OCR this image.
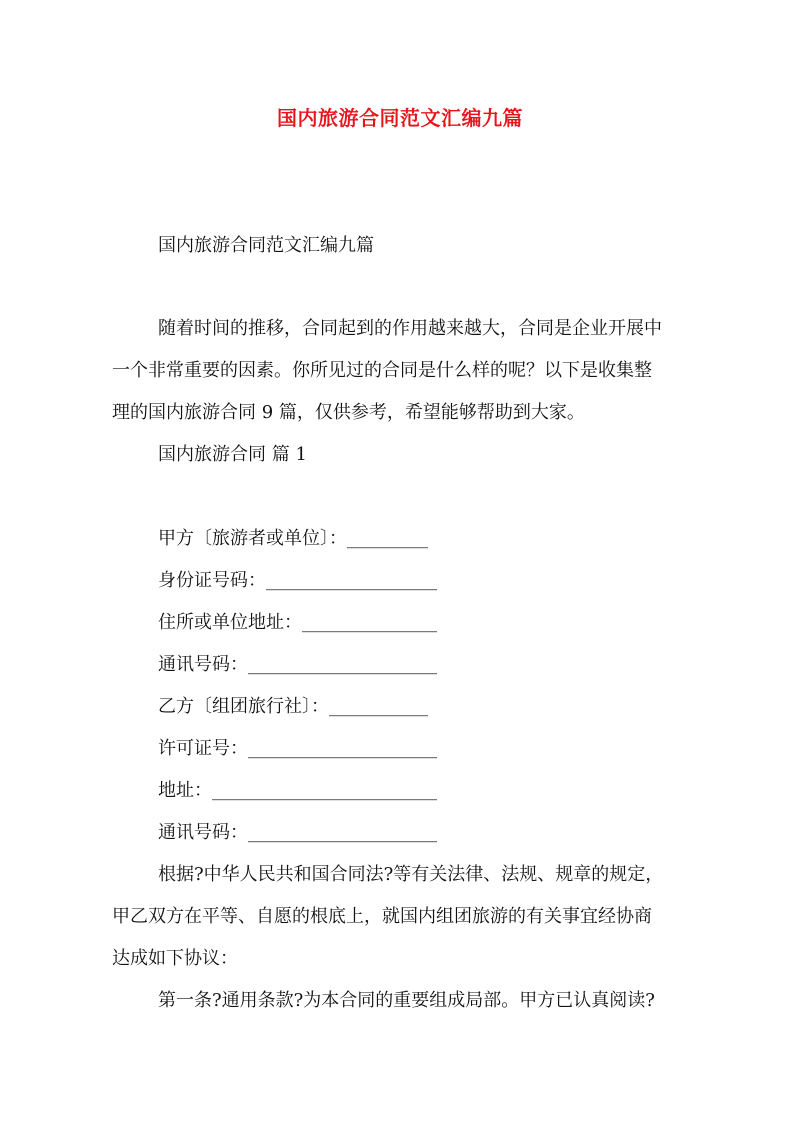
国内旅游合同范文汇编九篇
国内旅游合同范文汇编九篇
随着时间的推移，合同起到的作用越来越大，合同是企业开展中
一个非常重要的因素。你所见过的合同是什么样的呢？以下是收集整
理的国内旅游合同 9 篇，仅供参考，希望能够帮助到大家。
国内旅游合同 篇 1
甲方〔旅游者或单位〕：_________
身份证号码：___________________
住所或单位地址：_______________
通讯号码：_____________________
乙方〔组团旅行社〕：___________
许可证号：_____________________
地址：_________________________
通讯号码：_____________________
根据?中华人民共和国合同法?等有关法律、法规、规章的规定，
甲乙双方在平等、自愿的根底上，就国内组团旅游的有关事宜经协商
达成如下协议：
第一条?通用条款?为本合同的重要组成局部。甲方已认真阅读?
